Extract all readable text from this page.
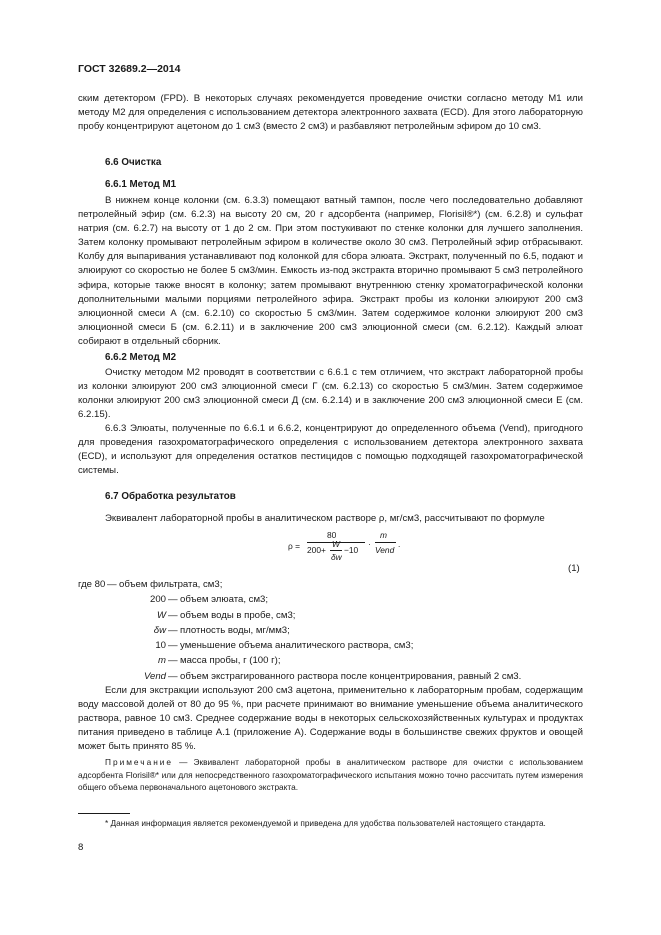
ГОСТ 32689.2—2014
ским детектором (FPD). В некоторых случаях рекомендуется проведение очистки согласно методу M1 или методу M2 для определения с использованием детектора электронного захвата (ECD). Для этого лабораторную пробу концентрируют ацетоном до 1 см3 (вместо 2 см3) и разбавляют петролейным эфиром до 10 см3.
6.6 Очистка
6.6.1 Метод M1
В нижнем конце колонки (см. 6.3.3) помещают ватный тампон, после чего последовательно добавляют петролейный эфир (см. 6.2.3) на высоту 20 см, 20 г адсорбента (например, Florisil®*) (см. 6.2.8) и сульфат натрия (см. 6.2.7) на высоту от 1 до 2 см. При этом постукивают по стенке колонки для лучшего заполнения. Затем колонку промывают петролейным эфиром в количестве около 30 см3. Петролейный эфир отбрасывают. Колбу для выпаривания устанавливают под колонкой для сбора элюата. Экстракт, полученный по 6.5, подают и элюируют со скоростью не более 5 см3/мин. Емкость из-под экстракта вторично промывают 5 см3 петролейного эфира, которые также вносят в колонку; затем промывают внутреннюю стенку хроматографической колонки дополнительными малыми порциями петролейного эфира. Экстракт пробы из колонки элюируют 200 см3 элюционной смеси А (см. 6.2.10) со скоростью 5 см3/мин. Затем содержимое колонки элюируют 200 см3 элюционной смеси Б (см. 6.2.11) и в заключение 200 см3 элюционной смеси (см. 6.2.12). Каждый элюат собирают в отдельный сборник.
6.6.2 Метод M2
Очистку методом M2 проводят в соответствии с 6.6.1 с тем отличием, что экстракт лабораторной пробы из колонки элюируют 200 см3 элюционной смеси Г (см. 6.2.13) со скоростью 5 см3/мин. Затем содержимое колонки элюируют 200 см3 элюционной смеси Д (см. 6.2.14) и в заключение 200 см3 элюционной смеси Е (см. 6.2.15).
6.6.3 Элюаты, полученные по 6.6.1 и 6.6.2, концентрируют до определенного объема (Vend), пригодного для проведения газохроматографического определения с использованием детектора электронного захвата (ECD), и используют для определения остатков пестицидов с помощью подходящей газохроматографической системы.
6.7 Обработка результатов
Эквивалент лабораторной пробы в аналитическом растворе ρ, мг/см3, рассчитывают по формуле
ρ =
80
200+
W
δw
−10
·
m
Vend
.
(1)
где 80 — объем фильтрата, см3;
200 — объем элюата, см3;
W — объем воды в пробе, см3;
δw — плотность воды, мг/мм3;
10 — уменьшение объема аналитического раствора, см3;
m — масса пробы, г (100 г);
Vend — объем экстрагированного раствора после концентрирования, равный 2 см3.
Если для экстракции используют 200 см3 ацетона, применительно к лабораторным пробам, содержащим воду массовой долей от 80 до 95 %, при расчете принимают во внимание уменьшение объема аналитического раствора, равное 10 см3. Среднее содержание воды в некоторых сельскохозяйственных культурах и продуктах питания приведено в таблице А.1 (приложение А). Содержание воды в большинстве свежих фруктов и овощей может быть принято 85 %.
Примечание — Эквивалент лабораторной пробы в аналитическом растворе для очистки с использованием адсорбента Florisil®* или для непосредственного газохроматографического испытания можно точно рассчитать путем измерения общего объема первоначального ацетонового экстракта.
* Данная информация является рекомендуемой и приведена для удобства пользователей настоящего стандарта.
8
